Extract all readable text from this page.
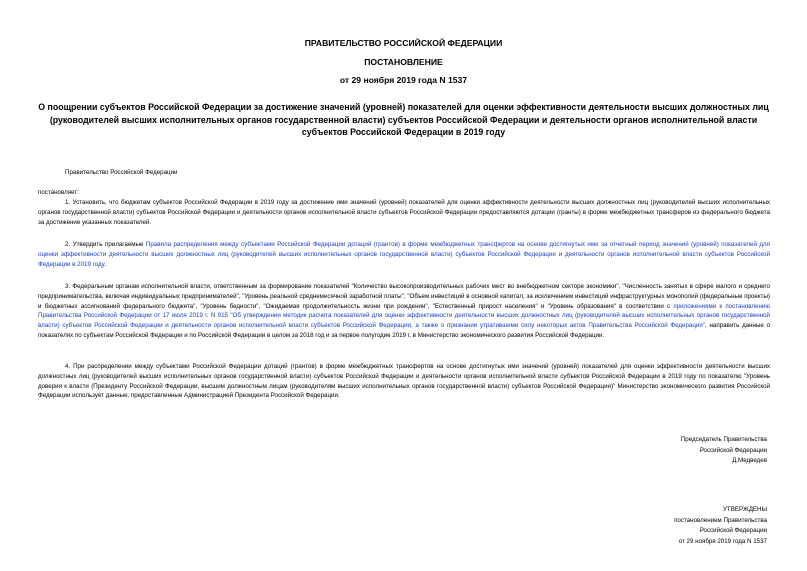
ПРАВИТЕЛЬСТВО РОССИЙСКОЙ ФЕДЕРАЦИИ
ПОСТАНОВЛЕНИЕ
от 29 ноября 2019 года N 1537
О поощрении субъектов Российской Федерации за достижение значений (уровней) показателей для оценки эффективности деятельности высших должностных лиц (руководителей высших исполнительных органов государственной власти) субъектов Российской Федерации и деятельности органов исполнительной власти субъектов Российской Федерации в 2019 году
Правительство Российской Федерации
постановляет:
1. Установить, что бюджетам субъектов Российской Федерации в 2019 году за достижение ими значений (уровней) показателей для оценки эффективности деятельности высших должностных лиц (руководителей высших исполнительных органов государственной власти) субъектов Российской Федерации и деятельности органов исполнительной власти субъектов Российской Федерации предоставляются дотации (гранты) в форме межбюджетных трансферов из федерального бюджета за достижение указанных показателей.
2. Утвердить прилагаемые Правила распределения между субъектами Российской Федерации дотаций (грантов) в форме межбюджетных трансфертов на основе достигнутых ими за отчетный период значений (уровней) показателей для оценки эффективности деятельности высших должностных лиц (руководителей высших исполнительных органов государственной власти) субъектов Российской Федерации и деятельности органов исполнительной власти субъектов Российской Федерации в 2019 году.
3. Федеральным органам исполнительной власти, ответственным за формирование показателей "Количество высокопроизводительных рабочих мест во внебюджетном секторе экономики", "Численность занятых в сфере малого и среднего предпринимательства, включая индивидуальных предпринимателей", "Уровень реальной среднемесячной заработной платы", "Объем инвестиций в основной капитал, за исключением инвестиций инфраструктурных монополий (федеральные проекты) и бюджетных ассигнований федерального бюджета", "Уровень бедности", "Ожидаемая продолжительность жизни при рождении", "Естественный прирост населения" и "Уровень образования" в соответствии с приложениями к постановлению Правительства Российской Федерации от 17 июля 2019 г. N 915 "Об утверждении методик расчета показателей для оценки эффективности деятельности высших должностных лиц (руководителей высших исполнительных органов государственной власти) субъектов Российской Федерации и деятельности органов исполнительной власти субъектов Российской Федерации, а также о признании утратившими силу некоторых актов Правительства Российской Федерации", направить данные о показателях по субъектам Российской Федерации и по Российской Федерации в целом за 2018 год и за первое полугодие 2019 г. в Министерство экономического развития Российской Федерации.
4. При распределении между субъектами Российской Федерации дотаций (грантов) в форме межбюджетных трансфертов на основе достигнутых ими значений (уровней) показателей для оценки эффективности деятельности высших должностных лиц (руководителей высших исполнительных органов государственной власти) субъектов Российской Федерации и деятельности органов исполнительной власти субъектов Российской Федерации в 2019 году по показателю "Уровень доверия к власти (Президенту Российской Федерации, высшим должностным лицам (руководителям высших исполнительных органов государственной власти) субъектов Российской Федерации)" Министерство экономического развития Российской Федерации использует данные, предоставленные Администрацией Президента Российской Федерации.
Председатель Правительства
Российской Федерации
Д.Медведев
УТВЕРЖДЕНЫ
постановлением Правительства
Российской Федерации
от 29 ноября 2019 года N 1537
